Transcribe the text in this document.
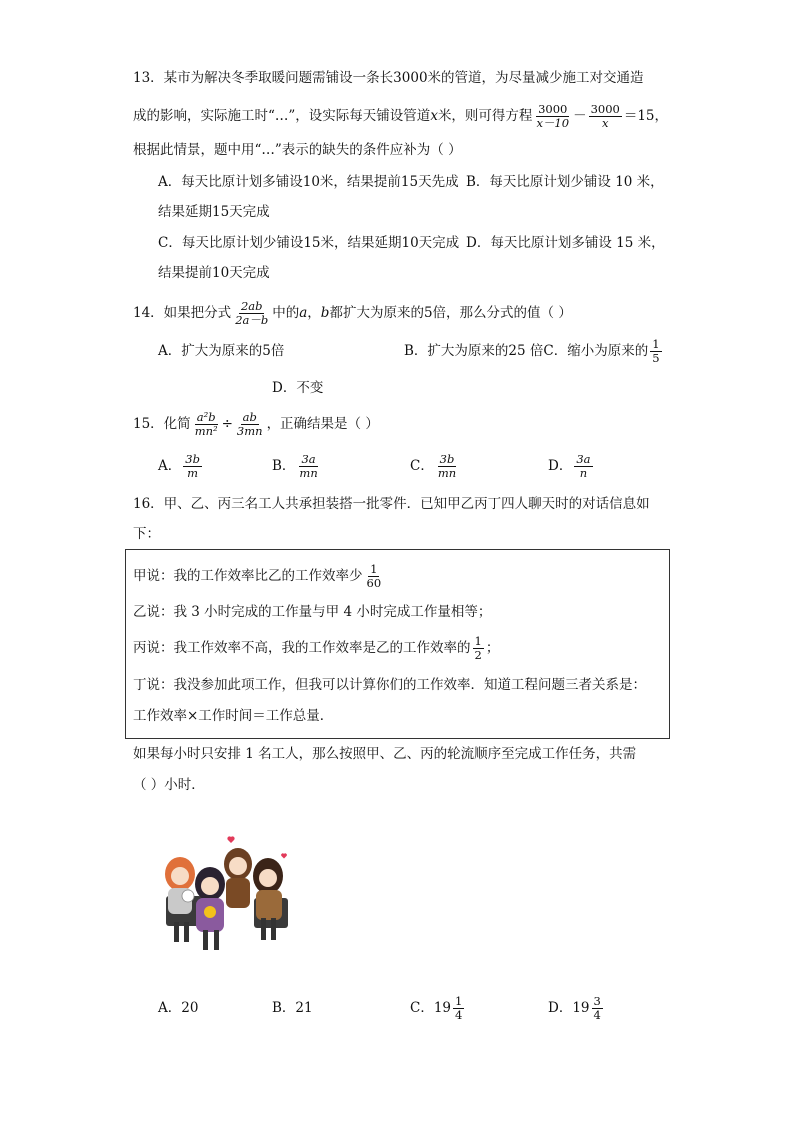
13．某市为解决冬季取暖问题需铺设一条长3000米的管道，为尽量减少施工对交通造
成的影响，实际施工时“…”，设实际每天铺设管道 x 米，则可得方程 $\frac{3000}{x-10} - \frac{3000}{x} =15$，
根据此情景，题中用“…”表示的缺失的条件应补为（ ）
A．每天比原计划多铺设10米，结果提前15天先成 B．每天比原计划少铺设 10 米，
结果延期15天完成
C．每天比原计划少铺设15米，结果延期10天完成 D．每天比原计划多铺设 15 米，
结果提前10天完成
14．如果把分式 $\frac{2ab}{2a-b}$ 中的 a ， b 都扩大为原来的5倍，那么分式的值（ ）
A．扩大为原来的5倍	B．扩大为原来的25 倍 C．缩小为原来的 $\frac{1}{5}$
D．不变
15．化简 $\frac{\text{a²b}}{\text{mn²}} \div \frac{ab}{3mn}$ ，正确结果是（ ）
A． $\frac{3b}{m}$	B． $\frac{3a}{mn}$	C． $\frac{3b}{mn}$	D． $\frac{3a}{n}$
16．甲、乙、丙三名工人共承担装搭一批零件．已知甲乙丙丁四人聊天时的对话信息如
下：
甲说：我的工作效率比乙的工作效率少 $\frac{1}{60}$
乙说：我 3 小时完成的工作量与甲 4 小时完成工作量相等；
丙说：我工作效率不高，我的工作效率是乙的工作效率的 $\frac{1}{2}$ ；
丁说：我没参加此项工作，但我可以计算你们的工作效率．知道工程问题三者关系是：
工作效率×工作时间＝工作总量．
如果每小时只安排 1 名工人，那么按照甲、乙、丙的轮流顺序至完成工作任务，共需
（ ）小时．
A．20	B．21	C．$19 \frac{1}{4}$	D．$19 \frac{3}{4}$
